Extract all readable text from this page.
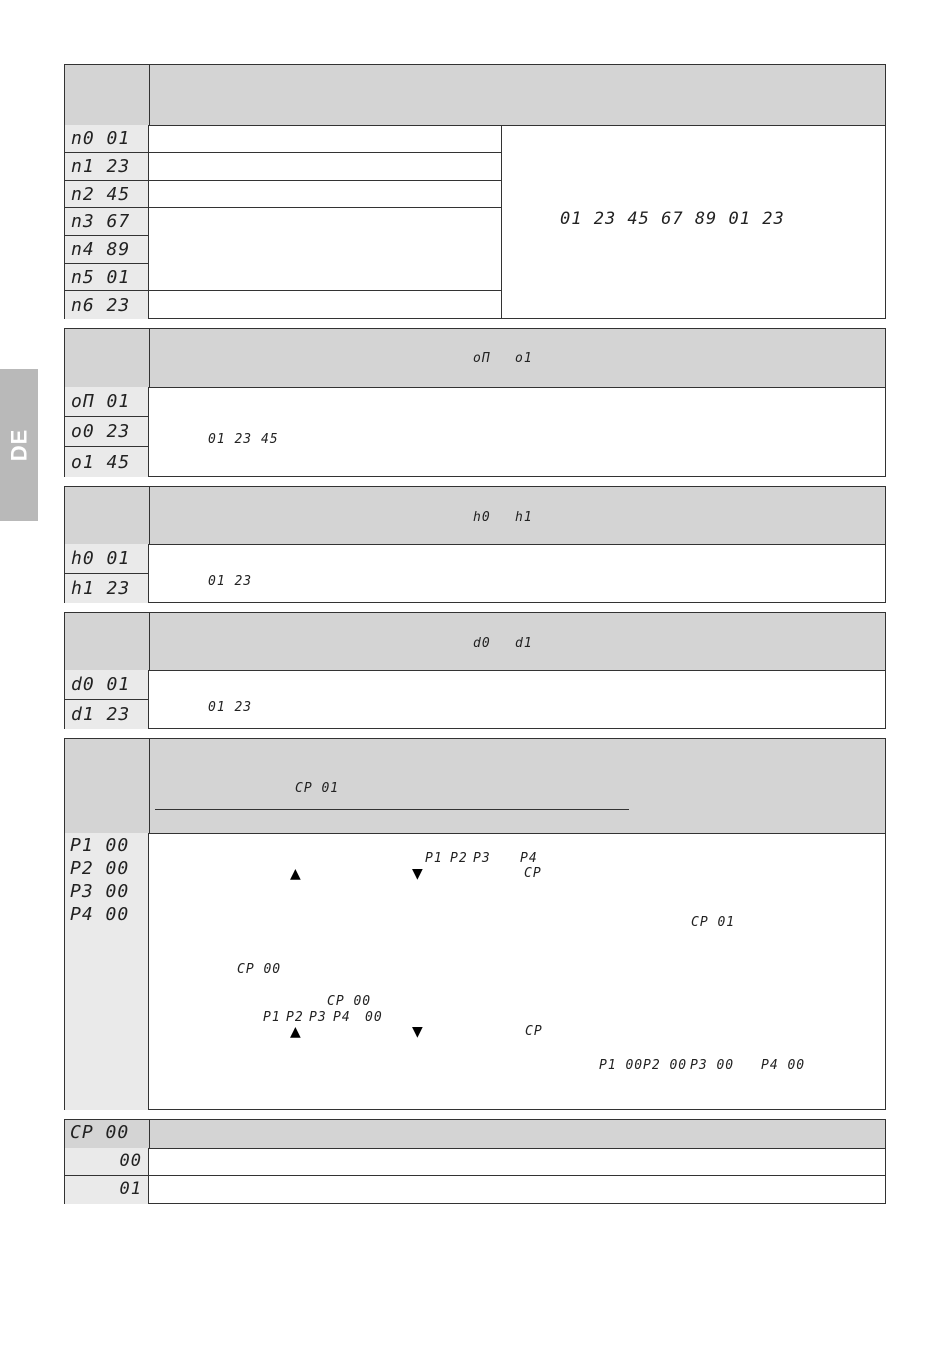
DE
n0 01
n1 23
n2 45
n3 67
n4 89
n5 01
n6 23
01 23 45 67 89 01 23
oΠ o1
oΠ 01
o0 23
o1 45
01 23 45
h0 h1
h0 01
h1 23	01 23
d0 d1
d0 01
d1 23	01 23
CP 01
P1 00
P2 00
P3 00
P4 00
P1 P2 P3 P4
▲	▼	CP
CP 01
CP 00
CP 00
P1 P2 P3 P4 00
▲	▼	CP
P1 00 P2 00 P3 00 P4 00
CP 00
00
01
